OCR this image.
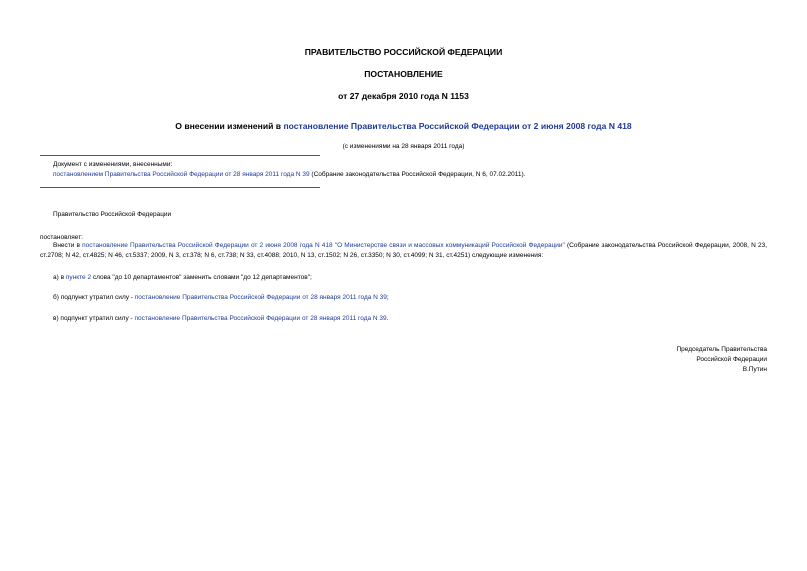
ПРАВИТЕЛЬСТВО РОССИЙСКОЙ ФЕДЕРАЦИИ
ПОСТАНОВЛЕНИЕ
от 27 декабря 2010 года N 1153
О внесении изменений в постановление Правительства Российской Федерации от 2 июня 2008 года N 418
(с изменениями на 28 января 2011 года)
Документ с изменениями, внесенными:
постановлением Правительства Российской Федерации от 28 января 2011 года N 39 (Собрание законодательства Российской Федерации, N 6, 07.02.2011).
Правительство Российской Федерации
постановляет:
Внести в постановление Правительства Российской Федерации от 2 июня 2008 года N 418 "О Министерстве связи и массовых коммуникаций Российской Федерации" (Собрание законодательства Российской Федерации, 2008, N 23, ст.2708; N 42, ст.4825; N 46, ст.5337; 2009, N 3, ст.378; N 6, ст.738; N 33, ст.4088; 2010, N 13, ст.1502; N 26, ст.3350; N 30, ст.4099; N 31, ст.4251) следующие изменения:
а) в пункте 2 слова "до 10 департаментов" заменить словами "до 12 департаментов";
б) подпункт утратил силу - постановление Правительства Российской Федерации от 28 января 2011 года N 39;
в) подпункт утратил силу - постановление Правительства Российской Федерации от 28 января 2011 года N 39.
Председатель Правительства
Российской Федерации
В.Путин
